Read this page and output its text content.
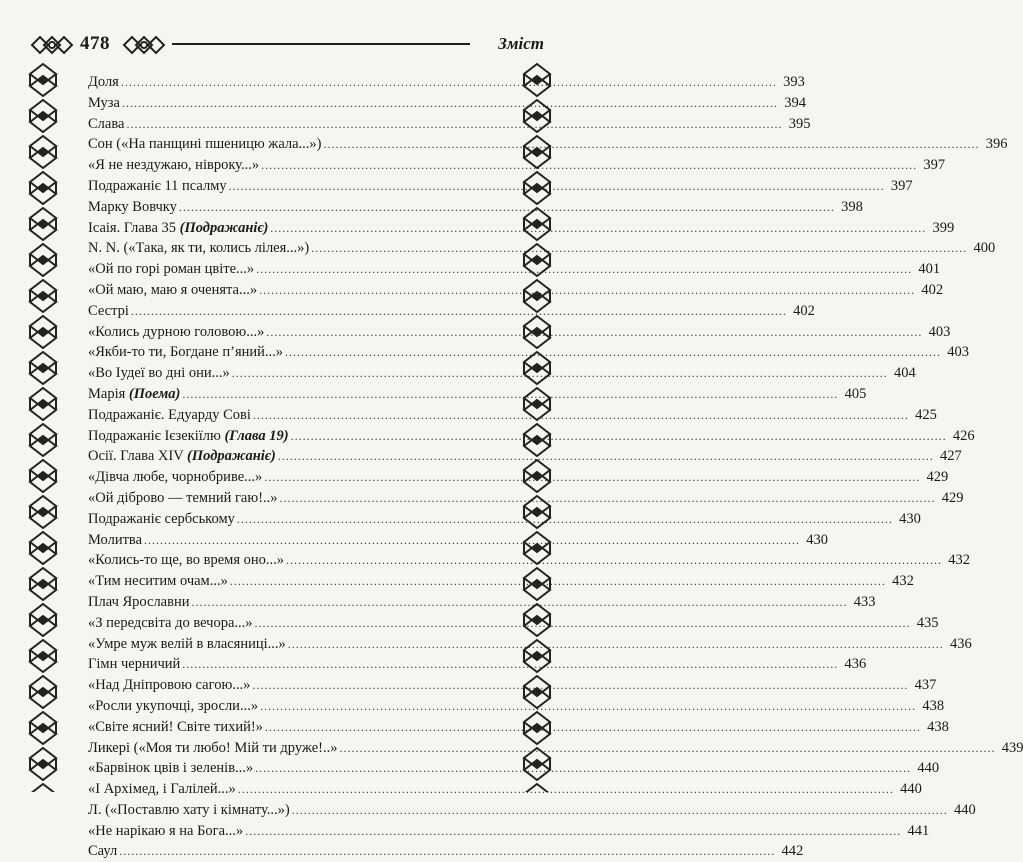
478	Зміст
Доля .....	393
Муза .....	394
Слава .....	395
Сон («На панщині пшеницю жала...») .....	396
«Я не нездужаю, нівроку...» .....	397
Подражаніє 11 псалму .....	397
Марку Вовчку .....	398
Ісаія. Глава 35 (Подражаніє) .....	399
N. N. («Така, як ти, колись лілея...») .....	400
«Ой по горі роман цвіте...» .....	401
«Ой маю, маю я оченята...» .....	402
Сестрі .....	402
«Колись дурною головою...» .....	403
«Якби-то ти, Богдане п’яний...» .....	403
«Во Іудеї во дні они...» .....	404
Марія (Поема) .....	405
Подражаніє. Едуарду Сові .....	425
Подражаніє Ієзекіїлю (Глава 19) .....	426
Осії. Глава XIV (Подражаніє) .....	427
«Дівча любе, чорнобриве...» .....	429
«Ой діброво — темний гаю!..» .....	429
Подражаніє сербському .....	430
Молитва .....	430
«Колись-то ще, во время оно...» .....	432
«Тим неситим очам...» .....	432
Плач Ярославни .....	433
«З передсвіта до вечора...» .....	435
«Умре муж велій в власяниці...» .....	436
Гімн черничий .....	436
«Над Дніпровою сагою...» .....	437
«Росли укупочці, зросли...» .....	438
«Світе ясний! Світе тихий!» .....	438
Ликері («Моя ти любо! Мій ти друже!..» .....	439
«Барвінок цвів і зеленів...» .....	440
«І Архімед, і Галілей...» .....	440
Л. («Поставлю хату і кімнату...») .....	440
«Не нарікаю я на Бога...» .....	441
Саул .....	442
